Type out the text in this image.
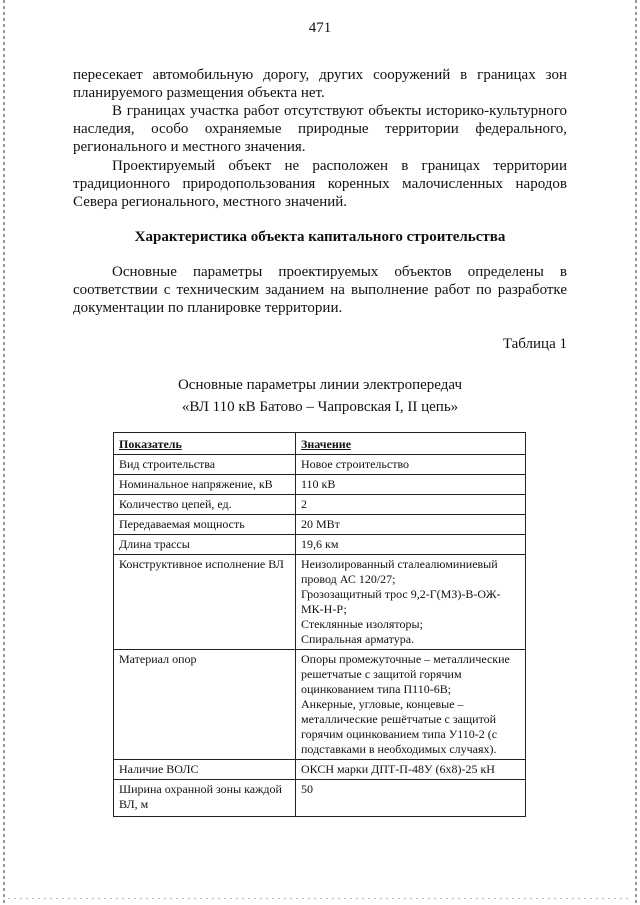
471

пересекает автомобильную дорогу, других сооружений в границах зон планируемого размещения объекта нет.

В границах участка работ отсутствуют объекты историко-культурного наследия, особо охраняемые природные территории федерального, регионального и местного значения.

Проектируемый объект не расположен в границах территории традиционного природопользования коренных малочисленных народов Севера регионального, местного значений.

Характеристика объекта капитального строительства

Основные параметры проектируемых объектов определены в соответствии с техническим заданием на выполнение работ по разработке документации по планировке территории.

Таблица 1
Основные параметры линии электропередач
«ВЛ 110 кВ Батово – Чапровская I, II цепь»
Показатель	Значение
Вид строительства	Новое строительство
Номинальное напряжение, кВ	110 кВ
Количество цепей, ед.	2
Передаваемая мощность	20 МВт
Длина трассы	19,6 км
Конструктивное исполнение ВЛ	Неизолированный сталеалюминиевый провод АС 120/27;
Грозозащитный трос 9,2-Г(МЗ)-В-ОЖ-МК-Н-Р;
Стеклянные изоляторы;
Спиральная арматура.

Материал опор	Опоры промежуточные – металлические решетчатые с защитой горячим оцинкованием типа П110-6В;
Анкерные, угловые, концевые – металлические решётчатые с защитой горячим оцинкованием типа У110-2 (с подставками в необходимых случаях).

Наличие ВОЛС	ОКСН марки ДПТ-П-48У (6х8)-25 кН
Ширина охранной зоны каждой ВЛ, м	50
